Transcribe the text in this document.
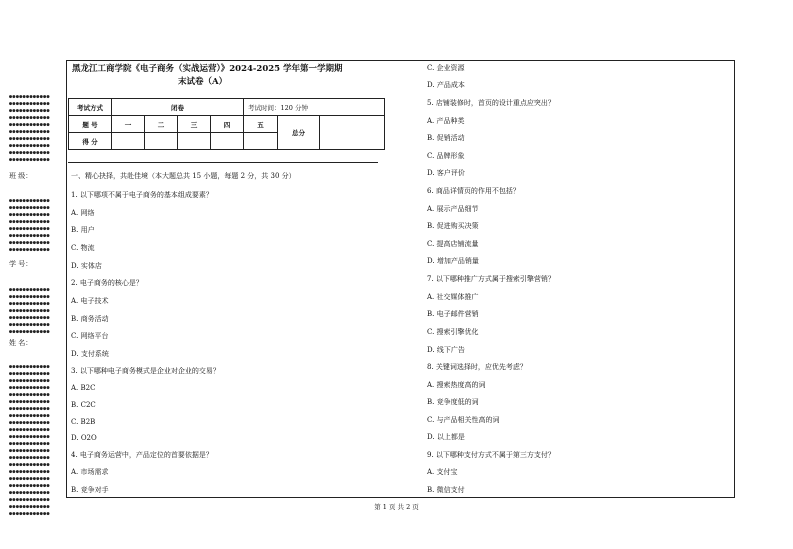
●●●●●●●●●●●●
●●●●●●●●●●●●
●●●●●●●●●●●●
●●●●●●●●●●●●
●●●●●●●●●●●●
●●●●●●●●●●●●
●●●●●●●●●●●●
●●●●●●●●●●●●
●●●●●●●●●●●●
●●●●●●●●●●●●
班 级：
●●●●●●●●●●●●
●●●●●●●●●●●●
●●●●●●●●●●●●
●●●●●●●●●●●●
●●●●●●●●●●●●
●●●●●●●●●●●●
●●●●●●●●●●●●
●●●●●●●●●●●●
学 号：
●●●●●●●●●●●●
●●●●●●●●●●●●
●●●●●●●●●●●●
●●●●●●●●●●●●
●●●●●●●●●●●●
●●●●●●●●●●●●
●●●●●●●●●●●●
姓 名：
●●●●●●●●●●●●
●●●●●●●●●●●●
●●●●●●●●●●●●
●●●●●●●●●●●●
●●●●●●●●●●●●
●●●●●●●●●●●●
●●●●●●●●●●●●
●●●●●●●●●●●●
●●●●●●●●●●●●
●●●●●●●●●●●●
●●●●●●●●●●●●
●●●●●●●●●●●●
●●●●●●●●●●●●
●●●●●●●●●●●●
●●●●●●●●●●●●
●●●●●●●●●●●●
●●●●●●●●●●●●
●●●●●●●●●●●●
●●●●●●●●●●●●
●●●●●●●●●●●●
●●●●●●●●●●●●
●●●●●●●●●●●●
黑龙江工商学院《电子商务（实战运营）》2024-2025 学年第一学期期
末试卷（A）
考试方式	闭卷				考试时间：120 分钟		
题 号	一	二	三	四	五	总分	
得 分							
一、精心抉择，共赴佳境（本大题总共 15 小题，每题 2 分，共 30 分）
1. 以下哪项不属于电子商务的基本组成要素？
A. 网络
B. 用户
C. 物流
D. 实体店
2. 电子商务的核心是？
A. 电子技术
B. 商务活动
C. 网络平台
D. 支付系统
3. 以下哪种电子商务模式是企业对企业的交易？
A. B2C
B. C2C
C. B2B
D. O2O
4. 电子商务运营中，产品定位的首要依据是？
A. 市场需求
B. 竞争对手
C. 企业资源
D. 产品成本
5. 店铺装修时，首页的设计重点应突出？
A. 产品种类
B. 促销活动
C. 品牌形象
D. 客户评价
6. 商品详情页的作用不包括？
A. 展示产品细节
B. 促进购买决策
C. 提高店铺流量
D. 增加产品销量
7. 以下哪种推广方式属于搜索引擎营销？
A. 社交媒体推广
B. 电子邮件营销
C. 搜索引擎优化
D. 线下广告
8. 关键词选择时，应优先考虑？
A. 搜索热度高的词
B. 竞争度低的词
C. 与产品相关性高的词
D. 以上都是
9. 以下哪种支付方式不属于第三方支付？
A. 支付宝
B. 微信支付
第 1 页 共 2 页
